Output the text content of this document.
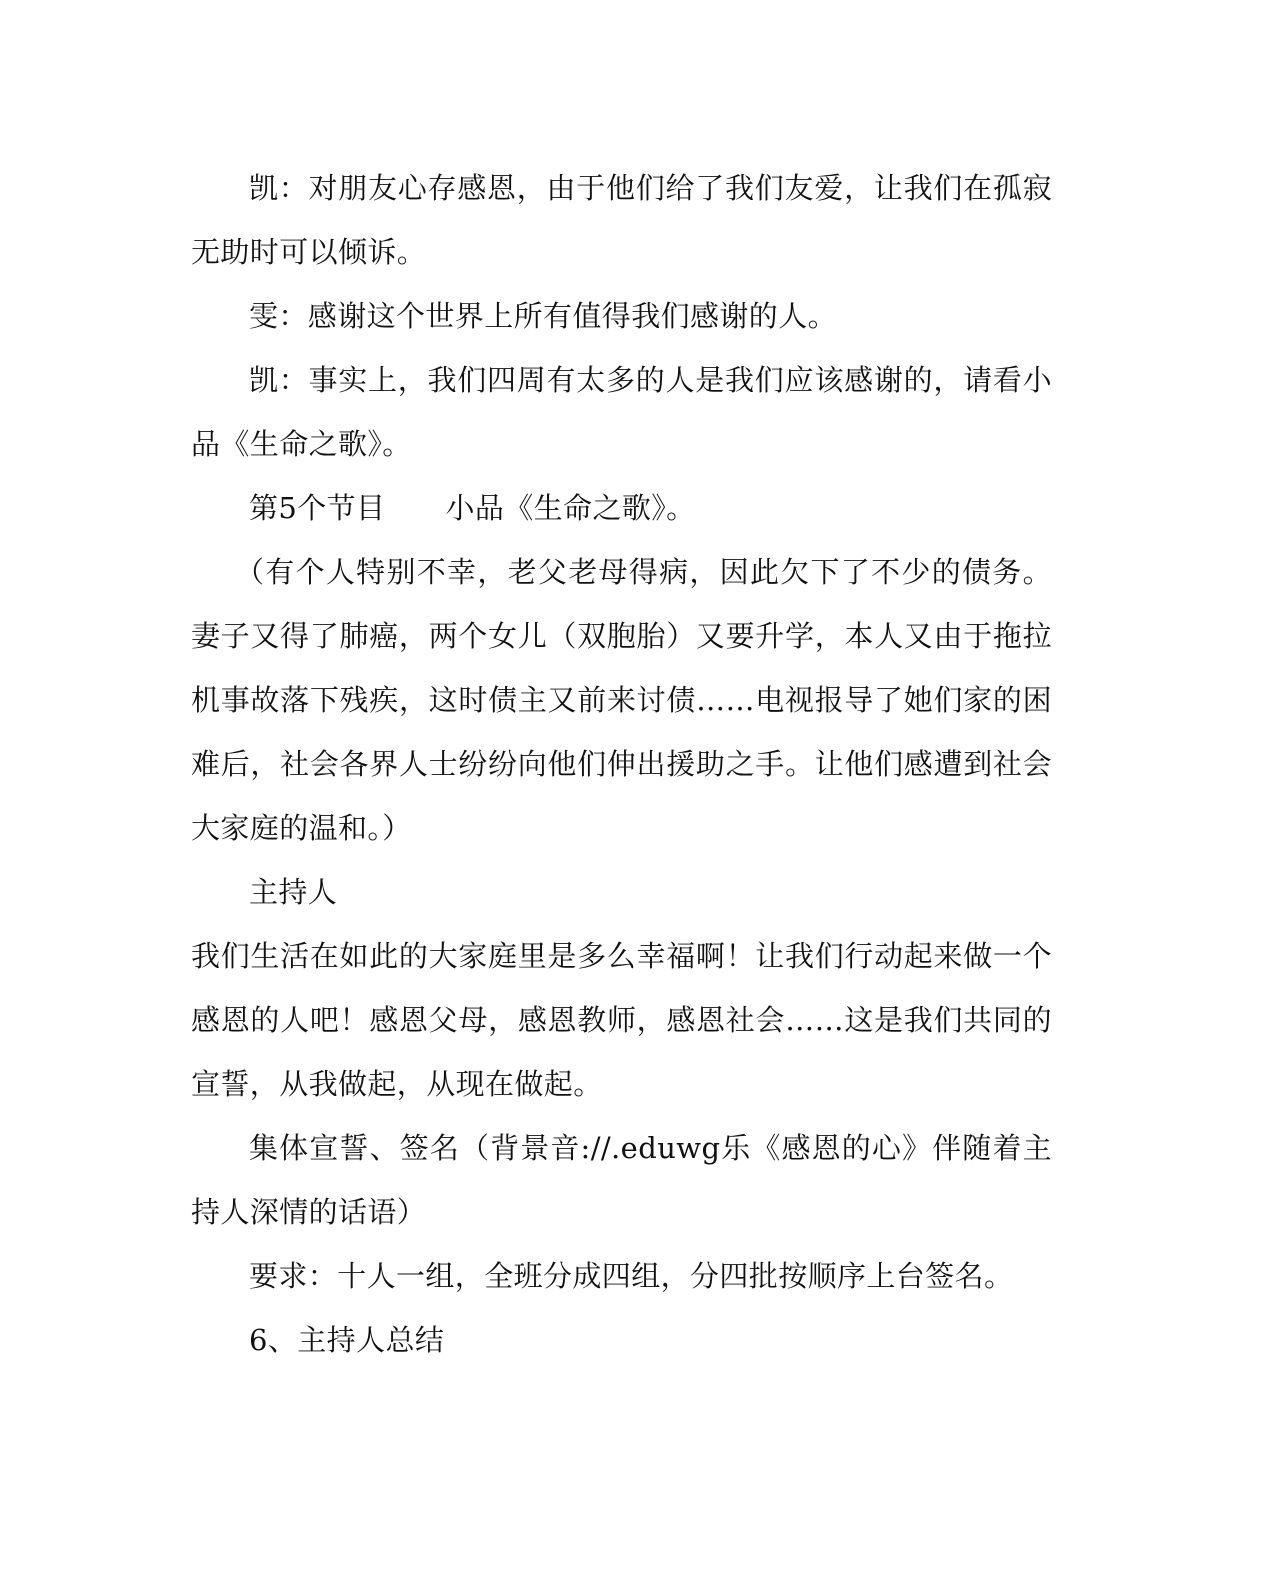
凯：对朋友心存感恩，由于他们给了我们友爱，让我们在孤寂无助时可以倾诉。

雯：感谢这个世界上所有值得我们感谢的人。

凯：事实上，我们四周有太多的人是我们应该感谢的，请看小品《生命之歌》。

第5个节目 小品《生命之歌》。

（有个人特别不幸，老父老母得病，因此欠下了不少的债务。妻子又得了肺癌，两个女儿（双胞胎）又要升学，本人又由于拖拉机事故落下残疾，这时债主又前来讨债……电视报导了她们家的困难后，社会各界人士纷纷向他们伸出援助之手。让他们感遭到社会大家庭的温和。）

主持人

我们生活在如此的大家庭里是多么幸福啊！让我们行动起来做一个感恩的人吧！感恩父母，感恩教师，感恩社会……这是我们共同的宣誓，从我做起，从现在做起。

集体宣誓、签名（背景音://.eduwg乐《感恩的心》伴随着主持人深情的话语）

要求：十人一组，全班分成四组，分四批按顺序上台签名。

6、主持人总结
